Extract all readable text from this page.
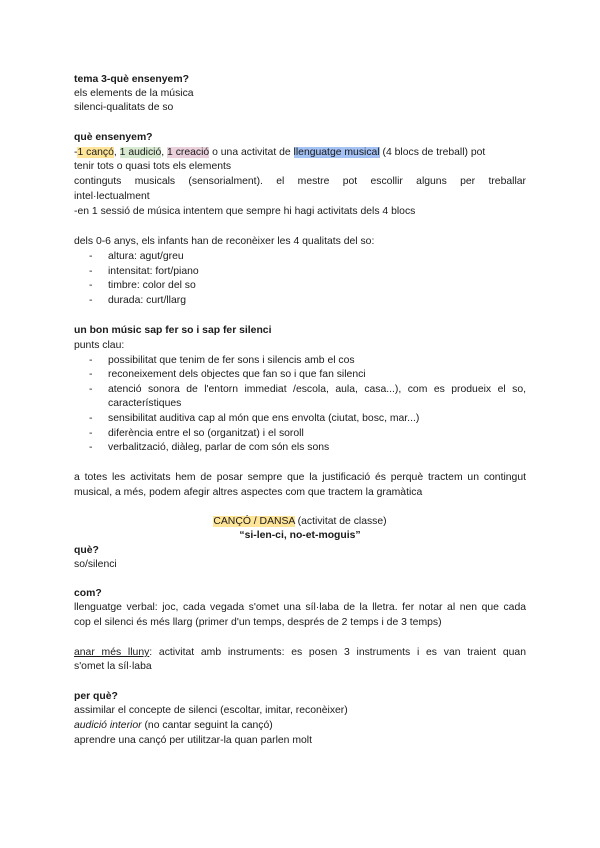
tema 3-què ensenyem?
els elements de la música
silenci-qualitats de so
què ensenyem?
-1 cançó, 1 audició, 1 creació o una activitat de llenguatge musical (4 blocs de treball) pot
tenir tots o quasi tots els elements
continguts musicals (sensorialment). el mestre pot escollir alguns per treballar
intel·lectualment
-en 1 sessió de música intentem que sempre hi hagi activitats dels 4 blocs
dels 0-6 anys, els infants han de reconèixer les 4 qualitats del so:
- altura: agut/greu
- intensitat: fort/piano
- timbre: color del so
- durada: curt/llarg
un bon músic sap fer so i sap fer silenci
punts clau:
- possibilitat que tenim de fer sons i silencis amb el cos
- reconeixement dels objectes que fan so i que fan silenci
- atenció sonora de l'entorn immediat /escola, aula, casa...), com es produeix el so,
característiques
- sensibilitat auditiva cap al món que ens envolta (ciutat, bosc, mar...)
- diferència entre el so (organitzat) i el soroll
- verbalització, diàleg, parlar de com són els sons
a totes les activitats hem de posar sempre que la justificació és perquè tractem un contingut
musical, a més, podem afegir altres aspectes com que tractem la gramàtica
CANÇÓ / DANSA (activitat de classe)
“si-len-ci, no-et-moguis”
què?
so/silenci
com?
llenguatge verbal: joc, cada vegada s'omet una síl·laba de la lletra. fer notar al nen que cada
cop el silenci és més llarg (primer d'un temps, després de 2 temps i de 3 temps)
anar més lluny: activitat amb instruments: es posen 3 instruments i es van traient quan
s'omet la síl·laba
per què?
assimilar el concepte de silenci (escoltar, imitar, reconèixer)
audició interior (no cantar seguint la cançó)
aprendre una cançó per utilitzar-la quan parlen molt
